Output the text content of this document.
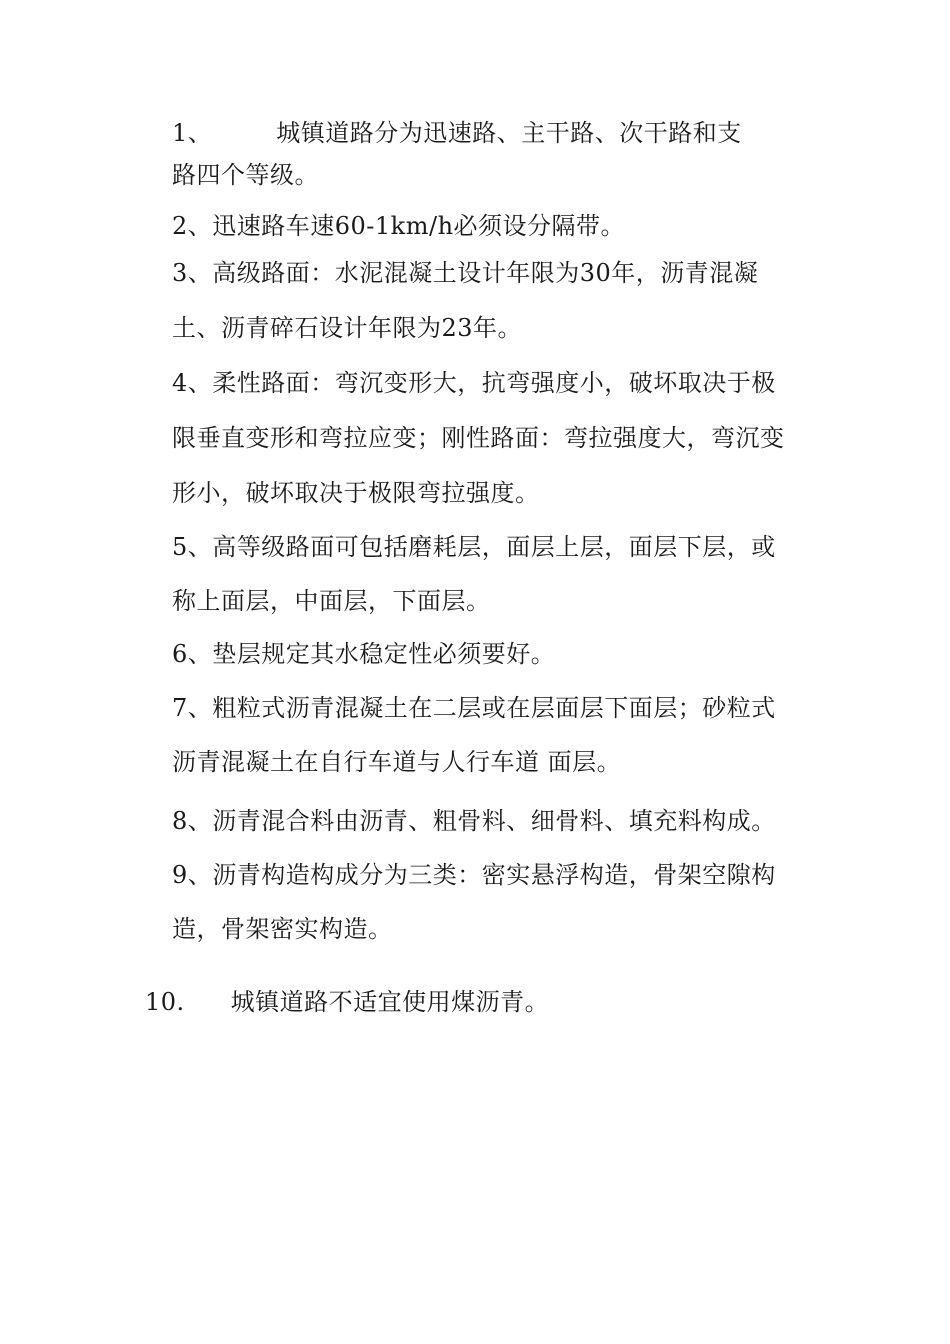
1、	城镇道路分为迅速路、主干路、次干路和支
路四个等级。
2、迅速路车速60-1km/h必须设分隔带。
3、高级路面：水泥混凝土设计年限为30年，沥青混凝
土、沥青碎石设计年限为23年。
4、柔性路面：弯沉变形大，抗弯强度小，破坏取决于极
限垂直变形和弯拉应变；刚性路面：弯拉强度大，弯沉变
形小，破坏取决于极限弯拉强度。
5、高等级路面可包括磨耗层，面层上层，面层下层，或
称上面层，中面层，下面层。
6、垫层规定其水稳定性必须要好。
7、粗粒式沥青混凝土在二层或在层面层下面层；砂粒式
沥青混凝土在自行车道与人行车道 面层。
8、沥青混合料由沥青、粗骨料、细骨料、填充料构成。
9、沥青构造构成分为三类：密实悬浮构造，骨架空隙构
造，骨架密实构造。
10. 城镇道路不适宜使用煤沥青。
